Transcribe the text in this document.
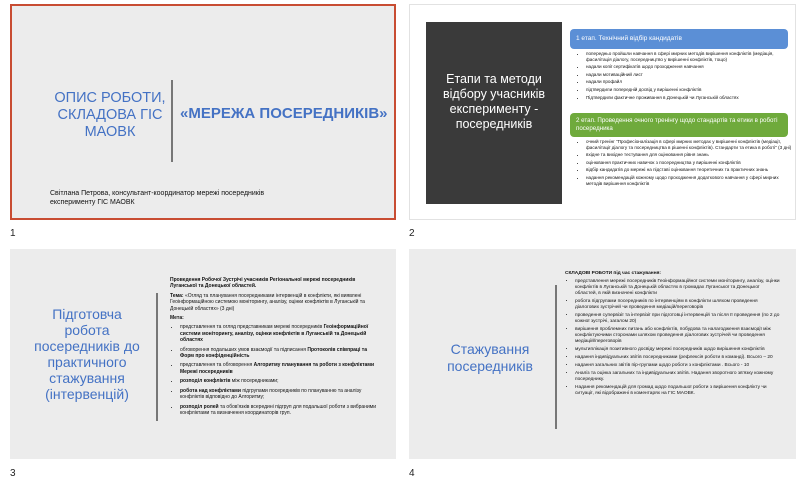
ОПИС РОБОТИ, СКЛАДОВА ГІС МАОВК
«МЕРЕЖА ПОСЕРЕДНИКІВ»
Світлана Петрова, консультант-координатор мережі посередників експерименту ГІС МАОВК
1
Етапи та методи відбору учасників експерименту - посередників
1 етап. Технічний відбір кандидатів
• попередньо пройшли навчання в сфері мирних методів вирішення конфліктів (медіація, фасилітація діалогу, посередництво у вирішенні конфліктів, тощо)
• надали копії сертифікатів щодо проходження навчання
• надали мотиваційний лист
• надали профайл
• підтвердили попередній досвід у вирішенні конфліктів
• Підтвердили фактичне проживання в Донецькій чи Луганській областях
2 етап. Проведення очного тренінгу щодо стандартів та етики в роботі посередника
• очний тренінг "Професіоналізація в сфері мирних методах у вирішенні конфліктів (медіації, фасилітації діалогу та посередництва в рішенні конфліктів). Стандарти та етика в роботі" (3 дні)
• вхідне та вихідне тестування для оцінювання рівня знань
• оцінювання практичних навичок з посередництва у вирішенні конфліктів
• відбір кандидатів до мережі на підставі оцінювання теоретичних та практичних знань
• надання рекомендацій кожному щодо проходження додаткового навчання у сфері мирних методів вирішення конфліктів
2
Підготовча робота посередників до практичного стажування (інтервенцій)
Проведення Робочої Зустрічі учасників Регіональної мережі посередників Луганської та Донецької областей.
Тема: «Огляд та планування посередниками інтервенцій в конфлікти, які виявлені Геоінформаційною системою моніторингу, аналізу, оцінки конфліктів в Луганській та Донецькій областях» (3 дні)
Мета:
• представлення та огляд представникам мережі посередників Геоінформаційної системи моніторингу, аналізу, оцінки конфліктів в Луганській та Донецькій областях
• обговорення подальших умов взаємодії та підписання Протоколів співпраці та Форм про конфіденційність
• представлення та обговорення Алгоритму планування та роботи з конфліктами Мережі посередників
• розподіл конфліктів між посередниками;
• робота над конфліктами підгрупами посередників по плануванню та аналізу конфліктів відповідно до Алгоритму;
• розподіл ролей та обов'язків всередині підгруп для подальшої роботи з вибраними конфліктами та визначення координаторів груп.
3
Стажування посередників
СКЛАДОВІ РОБОТИ під час стажування:
• представлення мережі посередників Геоінформаційної системи моніторингу, аналізу, оцінки конфліктів в Луганській та Донецькій областях в громадах Луганської та Донецької областей, в якій визначені конфлікти
• робота підгрупами посередників по інтервенціям в конфлікти шляхом проведення діалогових зустрічей чи проведення медіацій/переговорів
• проведення супервізії та інтервізії при підготовці інтервенцій та після її проведення (по 2 до кожної зустрічі, загалом 20)
• вирішення проблемних питань або конфліктів, побудова та налагодження взаємодії між конфліктуючими сторонами шляхом проведення діалогових зустрічей чи проведення медіацій/переговорів
• мультиплікація позитивного досвіду мережі посередників щодо вирішення конфліктів
• надання індивідуальних звітів посередниками (рефлексія роботи в команді). Всього – 20
• надання загальних звітів пір-групами щодо роботи з конфліктами . Всього - 10
• Аналіз та оцінка загальних та індивідуальних звітів. Надання зворотного зв'язку кожному посереднику.
• Надання рекомендацій для громад щодо подальшої роботи з вирішення конфлікту чи ситуації, які відображені в коментарях на ГІС МАОВК.
4
